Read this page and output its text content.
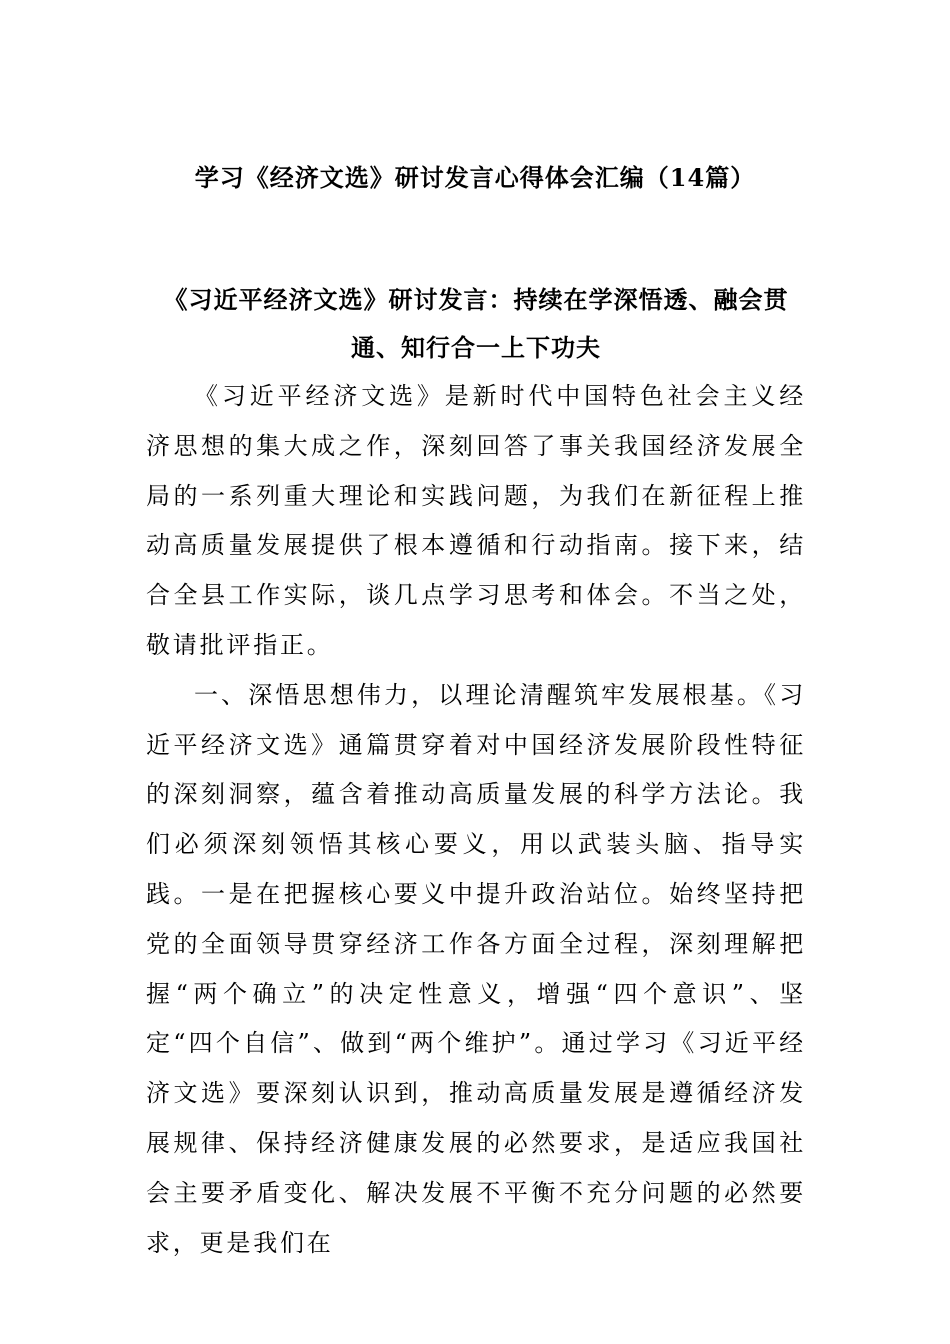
学习《经济文选》研讨发言心得体会汇编（14篇）
《习近平经济文选》研讨发言：持续在学深悟透、融会贯通、知行合一上下功夫

《习近平经济文选》是新时代中国特色社会主义经济思想的集大成之作，深刻回答了事关我国经济发展全局的一系列重大理论和实践问题，为我们在新征程上推动高质量发展提供了根本遵循和行动指南。接下来，结合全县工作实际，谈几点学习思考和体会。不当之处，敬请批评指正。

一、深悟思想伟力，以理论清醒筑牢发展根基。《习近平经济文选》通篇贯穿着对中国经济发展阶段性特征的深刻洞察，蕴含着推动高质量发展的科学方法论。我们必须深刻领悟其核心要义，用以武装头脑、指导实践。一是在把握核心要义中提升政治站位。始终坚持把党的全面领导贯穿经济工作各方面全过程，深刻理解把握“两个确立”的决定性意义，增强“四个意识”、坚定“四个自信”、做到“两个维护”。通过学习《习近平经济文选》要深刻认识到，推动高质量发展是遵循经济发展规律、保持经济健康发展的必然要求，是适应我国社会主要矛盾变化、解决发展不平衡不充分问题的必然要求，更是我们在
